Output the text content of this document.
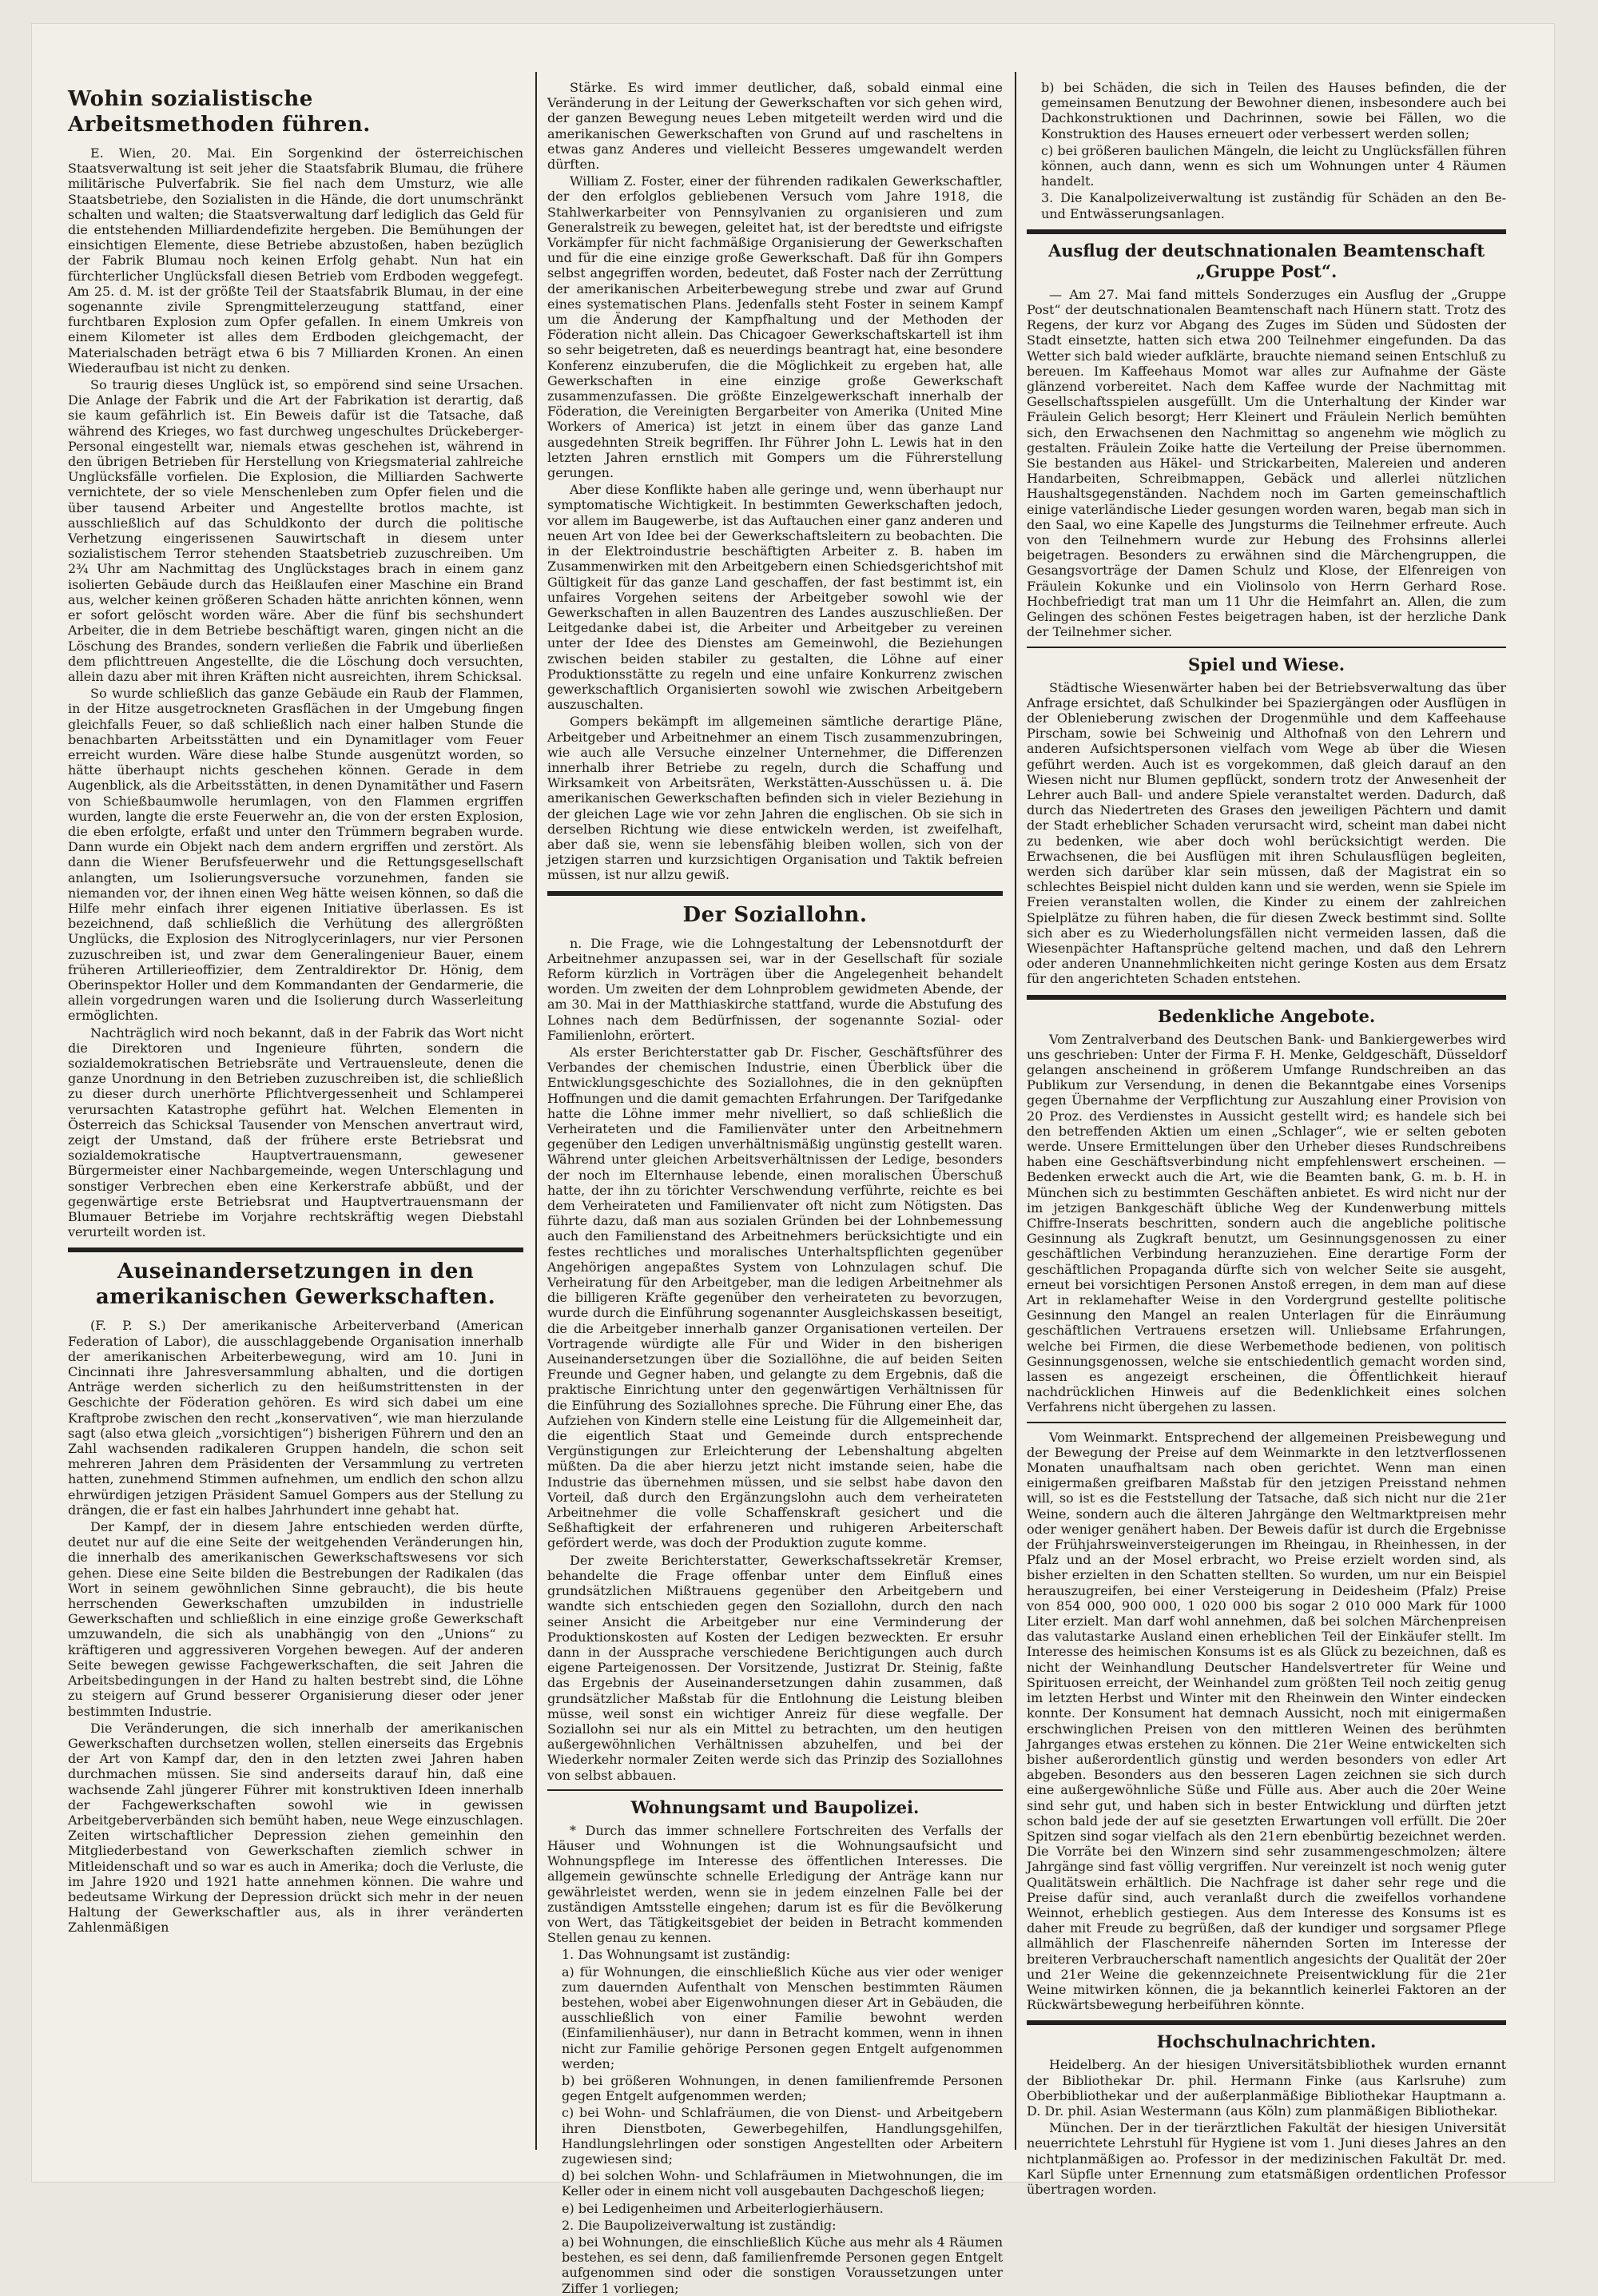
Wohin sozialistische Arbeitsmethoden führen.

E. Wien, 20. Mai. Ein Sorgenkind der österreichischen Staatsverwaltung ist seit jeher die Staatsfabrik Blumau, die frühere militärische Pulverfabrik. Sie fiel nach dem Umsturz, wie alle Staatsbetriebe, den Sozialisten in die Hände, die dort unumschränkt schalten und walten; die Staatsverwaltung darf lediglich das Geld für die entstehenden Milliardendefizite hergeben. Die Bemühungen der einsichtigen Elemente, diese Betriebe abzustoßen, haben bezüglich der Fabrik Blumau noch keinen Erfolg gehabt. Nun hat ein fürchterlicher Unglücksfall diesen Betrieb vom Erdboden weggefegt. Am 25. d. M. ist der größte Teil der Staatsfabrik Blumau, in der eine sogenannte zivile Sprengmittelerzeugung stattfand, einer furchtbaren Explosion zum Opfer gefallen. In einem Umkreis von einem Kilometer ist alles dem Erdboden gleichgemacht, der Materialschaden beträgt etwa 6 bis 7 Milliarden Kronen. An einen Wiederaufbau ist nicht zu denken.

So traurig dieses Unglück ist, so empörend sind seine Ursachen. Die Anlage der Fabrik und die Art der Fabrikation ist derartig, daß sie kaum gefährlich ist. Ein Beweis dafür ist die Tatsache, daß während des Krieges, wo fast durchweg ungeschultes Drückeberger-Personal eingestellt war, niemals etwas geschehen ist, während in den übrigen Betrieben für Herstellung von Kriegsmaterial zahlreiche Unglücksfälle vorfielen. Die Explosion, die Milliarden Sachwerte vernichtete, der so viele Menschenleben zum Opfer fielen und die über tausend Arbeiter und Angestellte brotlos machte, ist ausschließlich auf das Schuldkonto der durch die politische Verhetzung eingerissenen Sauwirtschaft in diesem unter sozialistischem Terror stehenden Staatsbetrieb zuzuschreiben. Um 2¾ Uhr am Nachmittag des Unglückstages brach in einem ganz isolierten Gebäude durch das Heißlaufen einer Maschine ein Brand aus, welcher keinen größeren Schaden hätte anrichten können, wenn er sofort gelöscht worden wäre. Aber die fünf bis sechshundert Arbeiter, die in dem Betriebe beschäftigt waren, gingen nicht an die Löschung des Brandes, sondern verließen die Fabrik und überließen dem pflichttreuen Angestellte, die die Löschung doch versuchten, allein dazu aber mit ihren Kräften nicht ausreichten, ihrem Schicksal.

So wurde schließlich das ganze Gebäude ein Raub der Flammen, in der Hitze ausgetrockneten Grasflächen in der Umgebung fingen gleichfalls Feuer, so daß schließlich nach einer halben Stunde die benachbarten Arbeitsstätten und ein Dynamitlager vom Feuer erreicht wurden. Wäre diese halbe Stunde ausgenützt worden, so hätte überhaupt nichts geschehen können. Gerade in dem Augenblick, als die Arbeitsstätten, in denen Dynamitäther und Fasern von Schießbaumwolle herumlagen, von den Flammen ergriffen wurden, langte die erste Feuerwehr an, die von der ersten Explosion, die eben erfolgte, erfaßt und unter den Trümmern begraben wurde. Dann wurde ein Objekt nach dem andern ergriffen und zerstört. Als dann die Wiener Berufsfeuerwehr und die Rettungsgesellschaft anlangten, um Isolierungsversuche vorzunehmen, fanden sie niemanden vor, der ihnen einen Weg hätte weisen können, so daß die Hilfe mehr einfach ihrer eigenen Initiative überlassen. Es ist bezeichnend, daß schließlich die Verhütung des allergrößten Unglücks, die Explosion des Nitroglycerinlagers, nur vier Personen zuzuschreiben ist, und zwar dem Generalingenieur Bauer, einem früheren Artillerieoffizier, dem Zentraldirektor Dr. Hönig, dem Oberinspektor Holler und dem Kommandanten der Gendarmerie, die allein vorgedrungen waren und die Isolierung durch Wasserleitung ermöglichten.

Nachträglich wird noch bekannt, daß in der Fabrik das Wort nicht die Direktoren und Ingenieure führten, sondern die sozialdemokratischen Betriebsräte und Vertrauensleute, denen die ganze Unordnung in den Betrieben zuzuschreiben ist, die schließlich zu dieser durch unerhörte Pflichtvergessenheit und Schlamperei verursachten Katastrophe geführt hat. Welchen Elementen in Österreich das Schicksal Tausender von Menschen anvertraut wird, zeigt der Umstand, daß der frühere erste Betriebsrat und sozialdemokratische Hauptvertrauensmann, gewesener Bürgermeister einer Nachbargemeinde, wegen Unterschlagung und sonstiger Verbrechen eben eine Kerkerstrafe abbüßt, und der gegenwärtige erste Betriebsrat und Hauptvertrauensmann der Blumauer Betriebe im Vorjahre rechtskräftig wegen Diebstahl verurteilt worden ist.

Auseinandersetzungen in den amerikanischen Gewerkschaften.

(F. P. S.) Der amerikanische Arbeiterverband (American Federation of Labor), die ausschlaggebende Organisation innerhalb der amerikanischen Arbeiterbewegung, wird am 10. Juni in Cincinnati ihre Jahresversammlung abhalten, und die dortigen Anträge werden sicherlich zu den heißumstrittensten in der Geschichte der Föderation gehören. Es wird sich dabei um eine Kraftprobe zwischen den recht „konservativen“, wie man hierzulande sagt (also etwa gleich „vorsichtigen“) bisherigen Führern und den an Zahl wachsenden radikaleren Gruppen handeln, die schon seit mehreren Jahren dem Präsidenten der Versammlung zu vertreten hatten, zunehmend Stimmen aufnehmen, um endlich den schon allzu ehrwürdigen jetzigen Präsident Samuel Gompers aus der Stellung zu drängen, die er fast ein halbes Jahrhundert inne gehabt hat.

Der Kampf, der in diesem Jahre entschieden werden dürfte, deutet nur auf die eine Seite der weitgehenden Veränderungen hin, die innerhalb des amerikanischen Gewerkschaftswesens vor sich gehen. Diese eine Seite bilden die Bestrebungen der Radikalen (das Wort in seinem gewöhnlichen Sinne gebraucht), die bis heute herrschenden Gewerkschaften umzubilden in industrielle Gewerkschaften und schließlich in eine einzige große Gewerkschaft umzuwandeln, die sich als unabhängig von den „Unions“ zu kräftigeren und aggressiveren Vorgehen bewegen. Auf der anderen Seite bewegen gewisse Fachgewerkschaften, die seit Jahren die Arbeitsbedingungen in der Hand zu halten bestrebt sind, die Löhne zu steigern auf Grund besserer Organisierung dieser oder jener bestimmten Industrie.

Die Veränderungen, die sich innerhalb der amerikanischen Gewerkschaften durchsetzen wollen, stellen einerseits das Ergebnis der Art von Kampf dar, den in den letzten zwei Jahren haben durchmachen müssen. Sie sind anderseits darauf hin, daß eine wachsende Zahl jüngerer Führer mit konstruktiven Ideen innerhalb der Fachgewerkschaften sowohl wie in gewissen Arbeitgeberverbänden sich bemüht haben, neue Wege einzuschlagen. Zeiten wirtschaftlicher Depression ziehen gemeinhin den Mitgliederbestand von Gewerkschaften ziemlich schwer in Mitleidenschaft und so war es auch in Amerika; doch die Verluste, die im Jahre 1920 und 1921 hatte annehmen können. Die wahre und bedeutsame Wirkung der Depression drückt sich mehr in der neuen Haltung der Gewerkschaftler aus, als in ihrer veränderten Zahlenmäßigen

Stärke. Es wird immer deutlicher, daß, sobald einmal eine Veränderung in der Leitung der Gewerkschaften vor sich gehen wird, der ganzen Bewegung neues Leben mitgeteilt werden wird und die amerikanischen Gewerkschaften von Grund auf und rascheltens in etwas ganz Anderes und vielleicht Besseres umgewandelt werden dürften.

William Z. Foster, einer der führenden radikalen Gewerkschaftler, der den erfolglos gebliebenen Versuch vom Jahre 1918, die Stahlwerkarbeiter von Pennsylvanien zu organisieren und zum Generalstreik zu bewegen, geleitet hat, ist der beredtste und eifrigste Vorkämpfer für nicht fachmäßige Organisierung der Gewerkschaften und für die eine einzige große Gewerkschaft. Daß für ihn Gompers selbst angegriffen worden, bedeutet, daß Foster nach der Zerrüttung der amerikanischen Arbeiterbewegung strebe und zwar auf Grund eines systematischen Plans. Jedenfalls steht Foster in seinem Kampf um die Änderung der Kampfhaltung und der Methoden der Föderation nicht allein. Das Chicagoer Gewerkschaftskartell ist ihm so sehr beigetreten, daß es neuerdings beantragt hat, eine besondere Konferenz einzuberufen, die die Möglichkeit zu ergeben hat, alle Gewerkschaften in eine einzige große Gewerkschaft zusammenzufassen. Die größte Einzelgewerkschaft innerhalb der Föderation, die Vereinigten Bergarbeiter von Amerika (United Mine Workers of America) ist jetzt in einem über das ganze Land ausgedehnten Streik begriffen. Ihr Führer John L. Lewis hat in den letzten Jahren ernstlich mit Gompers um die Führerstellung gerungen.

Aber diese Konflikte haben alle geringe und, wenn überhaupt nur symptomatische Wichtigkeit. In bestimmten Gewerkschaften jedoch, vor allem im Baugewerbe, ist das Auftauchen einer ganz anderen und neuen Art von Idee bei der Gewerkschaftsleitern zu beobachten. Die in der Elektroindustrie beschäftigten Arbeiter z. B. haben im Zusammenwirken mit den Arbeitgebern einen Schiedsgerichtshof mit Gültigkeit für das ganze Land geschaffen, der fast bestimmt ist, ein unfaires Vorgehen seitens der Arbeitgeber sowohl wie der Gewerkschaften in allen Bauzentren des Landes auszuschließen. Der Leitgedanke dabei ist, die Arbeiter und Arbeitgeber zu vereinen unter der Idee des Dienstes am Gemeinwohl, die Beziehungen zwischen beiden stabiler zu gestalten, die Löhne auf einer Produktionsstätte zu regeln und eine unfaire Konkurrenz zwischen gewerkschaftlich Organisierten sowohl wie zwischen Arbeitgebern auszuschalten.

Gompers bekämpft im allgemeinen sämtliche derartige Pläne, Arbeitgeber und Arbeitnehmer an einem Tisch zusammenzubringen, wie auch alle Versuche einzelner Unternehmer, die Differenzen innerhalb ihrer Betriebe zu regeln, durch die Schaffung und Wirksamkeit von Arbeitsräten, Werkstätten-Ausschüssen u. ä. Die amerikanischen Gewerkschaften befinden sich in vieler Beziehung in der gleichen Lage wie vor zehn Jahren die englischen. Ob sie sich in derselben Richtung wie diese entwickeln werden, ist zweifelhaft, aber daß sie, wenn sie lebensfähig bleiben wollen, sich von der jetzigen starren und kurzsichtigen Organisation und Taktik befreien müssen, ist nur allzu gewiß.

Der Soziallohn.

n. Die Frage, wie die Lohngestaltung der Lebensnotdurft der Arbeitnehmer anzupassen sei, war in der Gesellschaft für soziale Reform kürzlich in Vorträgen über die Angelegenheit behandelt worden. Um zweiten der dem Lohnproblem gewidmeten Abende, der am 30. Mai in der Matthiaskirche stattfand, wurde die Abstufung des Lohnes nach dem Bedürfnissen, der sogenannte Sozial- oder Familienlohn, erörtert.

Als erster Berichterstatter gab Dr. Fischer, Geschäftsführer des Verbandes der chemischen Industrie, einen Überblick über die Entwicklungsgeschichte des Soziallohnes, die in den geknüpften Hoffnungen und die damit gemachten Erfahrungen. Der Tarifgedanke hatte die Löhne immer mehr nivelliert, so daß schließlich die Verheirateten und die Familienväter unter den Arbeitnehmern gegenüber den Ledigen unverhältnismäßig ungünstig gestellt waren. Während unter gleichen Arbeitsverhältnissen der Ledige, besonders der noch im Elternhause lebende, einen moralischen Überschuß hatte, der ihn zu törichter Verschwendung verführte, reichte es bei dem Verheirateten und Familienvater oft nicht zum Nötigsten. Das führte dazu, daß man aus sozialen Gründen bei der Lohnbemessung auch den Familienstand des Arbeitnehmers berücksichtigte und ein festes rechtliches und moralisches Unterhaltspflichten gegenüber Angehörigen angepaßtes System von Lohnzulagen schuf. Die Verheiratung für den Arbeitgeber, man die ledigen Arbeitnehmer als die billigeren Kräfte gegenüber den verheirateten zu bevorzugen, wurde durch die Einführung sogenannter Ausgleichskassen beseitigt, die die Arbeitgeber innerhalb ganzer Organisationen verteilen. Der Vortragende würdigte alle Für und Wider in den bisherigen Auseinandersetzungen über die Soziallöhne, die auf beiden Seiten Freunde und Gegner haben, und gelangte zu dem Ergebnis, daß die praktische Einrichtung unter den gegenwärtigen Verhältnissen für die Einführung des Soziallohnes spreche. Die Führung einer Ehe, das Aufziehen von Kindern stelle eine Leistung für die Allgemeinheit dar, die eigentlich Staat und Gemeinde durch entsprechende Vergünstigungen zur Erleichterung der Lebenshaltung abgelten müßten. Da die aber hierzu jetzt nicht imstande seien, habe die Industrie das übernehmen müssen, und sie selbst habe davon den Vorteil, daß durch den Ergänzungslohn auch dem verheirateten Arbeitnehmer die volle Schaffenskraft gesichert und die Seßhaftigkeit der erfahreneren und ruhigeren Arbeiterschaft gefördert werde, was doch der Produktion zugute komme.

Der zweite Berichterstatter, Gewerkschaftssekretär Kremser, behandelte die Frage offenbar unter dem Einfluß eines grundsätzlichen Mißtrauens gegenüber den Arbeitgebern und wandte sich entschieden gegen den Soziallohn, durch den nach seiner Ansicht die Arbeitgeber nur eine Verminderung der Produktionskosten auf Kosten der Ledigen bezweckten. Er ersuhr dann in der Aussprache verschiedene Berichtigungen auch durch eigene Parteigenossen. Der Vorsitzende, Justizrat Dr. Steinig, faßte das Ergebnis der Auseinandersetzungen dahin zusammen, daß grundsätzlicher Maßstab für die Entlohnung die Leistung bleiben müsse, weil sonst ein wichtiger Anreiz für diese wegfalle. Der Soziallohn sei nur als ein Mittel zu betrachten, um den heutigen außergewöhnlichen Verhältnissen abzuhelfen, und bei der Wiederkehr normaler Zeiten werde sich das Prinzip des Soziallohnes von selbst abbauen.

Wohnungsamt und Baupolizei.

* Durch das immer schnellere Fortschreiten des Verfalls der Häuser und Wohnungen ist die Wohnungsaufsicht und Wohnungspflege im Interesse des öffentlichen Interesses. Die allgemein gewünschte schnelle Erledigung der Anträge kann nur gewährleistet werden, wenn sie in jedem einzelnen Falle bei der zuständigen Amtsstelle eingehen; darum ist es für die Bevölkerung von Wert, das Tätigkeitsgebiet der beiden in Betracht kommenden Stellen genau zu kennen.

1. Das Wohnungsamt ist zuständig:

a) für Wohnungen, die einschließlich Küche aus vier oder weniger zum dauernden Aufenthalt von Menschen bestimmten Räumen bestehen, wobei aber Eigenwohnungen dieser Art in Gebäuden, die ausschließlich von einer Familie bewohnt werden (Einfamilienhäuser), nur dann in Betracht kommen, wenn in ihnen nicht zur Familie gehörige Personen gegen Entgelt aufgenommen werden;

b) bei größeren Wohnungen, in denen familienfremde Personen gegen Entgelt aufgenommen werden;

c) bei Wohn- und Schlafräumen, die von Dienst- und Arbeitgebern ihren Dienstboten, Gewerbegehilfen, Handlungsgehilfen, Handlungslehrlingen oder sonstigen Angestellten oder Arbeitern zugewiesen sind;

d) bei solchen Wohn- und Schlafräumen in Mietwohnungen, die im Keller oder in einem nicht voll ausgebauten Dachgeschoß liegen;

e) bei Ledigenheimen und Arbeiterlogierhäusern.

2. Die Baupolizeiverwaltung ist zuständig:

a) bei Wohnungen, die einschließlich Küche aus mehr als 4 Räumen bestehen, es sei denn, daß familienfremde Personen gegen Entgelt aufgenommen sind oder die sonstigen Voraussetzungen unter Ziffer 1 vorliegen;

b) bei Schäden, die sich in Teilen des Hauses befinden, die der gemeinsamen Benutzung der Bewohner dienen, insbesondere auch bei Dachkonstruktionen und Dachrinnen, sowie bei Fällen, wo die Konstruktion des Hauses erneuert oder verbessert werden sollen;

c) bei größeren baulichen Mängeln, die leicht zu Unglücksfällen führen können, auch dann, wenn es sich um Wohnungen unter 4 Räumen handelt.

3. Die Kanalpolizeiverwaltung ist zuständig für Schäden an den Be- und Entwässerungsanlagen.

Ausflug der deutschnationalen Beamtenschaft „Gruppe Post“.

— Am 27. Mai fand mittels Sonderzuges ein Ausflug der „Gruppe Post“ der deutschnationalen Beamtenschaft nach Hünern statt. Trotz des Regens, der kurz vor Abgang des Zuges im Süden und Südosten der Stadt einsetzte, hatten sich etwa 200 Teilnehmer eingefunden. Da das Wetter sich bald wieder aufklärte, brauchte niemand seinen Entschluß zu bereuen. Im Kaffeehaus Momot war alles zur Aufnahme der Gäste glänzend vorbereitet. Nach dem Kaffee wurde der Nachmittag mit Gesellschaftsspielen ausgefüllt. Um die Unterhaltung der Kinder war Fräulein Gelich besorgt; Herr Kleinert und Fräulein Nerlich bemühten sich, den Erwachsenen den Nachmittag so angenehm wie möglich zu gestalten. Fräulein Zoike hatte die Verteilung der Preise übernommen. Sie bestanden aus Häkel- und Strickarbeiten, Malereien und anderen Handarbeiten, Schreibmappen, Gebäck und allerlei nützlichen Haushaltsgegenständen. Nachdem noch im Garten gemeinschaftlich einige vaterländische Lieder gesungen worden waren, begab man sich in den Saal, wo eine Kapelle des Jungsturms die Teilnehmer erfreute. Auch von den Teilnehmern wurde zur Hebung des Frohsinns allerlei beigetragen. Besonders zu erwähnen sind die Märchengruppen, die Gesangsvorträge der Damen Schulz und Klose, der Elfenreigen von Fräulein Kokunke und ein Violinsolo von Herrn Gerhard Rose. Hochbefriedigt trat man um 11 Uhr die Heimfahrt an. Allen, die zum Gelingen des schönen Festes beigetragen haben, ist der herzliche Dank der Teilnehmer sicher.

Spiel und Wiese.

Städtische Wiesenwärter haben bei der Betriebsverwaltung das über Anfrage ersichtet, daß Schulkinder bei Spaziergängen oder Ausflügen in der Oblenieberung zwischen der Drogenmühle und dem Kaffeehause Pirscham, sowie bei Schweinig und Althofnaß von den Lehrern und anderen Aufsichtspersonen vielfach vom Wege ab über die Wiesen geführt werden. Auch ist es vorgekommen, daß gleich darauf an den Wiesen nicht nur Blumen gepflückt, sondern trotz der Anwesenheit der Lehrer auch Ball- und andere Spiele veranstaltet werden. Dadurch, daß durch das Niedertreten des Grases den jeweiligen Pächtern und damit der Stadt erheblicher Schaden verursacht wird, scheint man dabei nicht zu bedenken, wie aber doch wohl berücksichtigt werden. Die Erwachsenen, die bei Ausflügen mit ihren Schulausflügen begleiten, werden sich darüber klar sein müssen, daß der Magistrat ein so schlechtes Beispiel nicht dulden kann und sie werden, wenn sie Spiele im Freien veranstalten wollen, die Kinder zu einem der zahlreichen Spielplätze zu führen haben, die für diesen Zweck bestimmt sind. Sollte sich aber es zu Wiederholungsfällen nicht vermeiden lassen, daß die Wiesenpächter Haftansprüche geltend machen, und daß den Lehrern oder anderen Unannehmlichkeiten nicht geringe Kosten aus dem Ersatz für den angerichteten Schaden entstehen.

Bedenkliche Angebote.

Vom Zentralverband des Deutschen Bank- und Bankiergewerbes wird uns geschrieben: Unter der Firma F. H. Menke, Geldgeschäft, Düsseldorf gelangen anscheinend in größerem Umfange Rundschreiben an das Publikum zur Versendung, in denen die Bekanntgabe eines Vorsenips gegen Übernahme der Verpflichtung zur Auszahlung einer Provision von 20 Proz. des Verdienstes in Aussicht gestellt wird; es handele sich bei den betreffenden Aktien um einen „Schlager“, wie er selten geboten werde. Unsere Ermittelungen über den Urheber dieses Rundschreibens haben eine Geschäftsverbindung nicht empfehlenswert erscheinen. — Bedenken erweckt auch die Art, wie die Beamten bank, G. m. b. H. in München sich zu bestimmten Geschäften anbietet. Es wird nicht nur der im jetzigen Bankgeschäft übliche Weg der Kundenwerbung mittels Chiffre-Inserats beschritten, sondern auch die angebliche politische Gesinnung als Zugkraft benutzt, um Gesinnungsgenossen zu einer geschäftlichen Verbindung heranzuziehen. Eine derartige Form der geschäftlichen Propaganda dürfte sich von welcher Seite sie ausgeht, erneut bei vorsichtigen Personen Anstoß erregen, in dem man auf diese Art in reklamehafter Weise in den Vordergrund gestellte politische Gesinnung den Mangel an realen Unterlagen für die Einräumung geschäftlichen Vertrauens ersetzen will. Unliebsame Erfahrungen, welche bei Firmen, die diese Werbemethode bedienen, von politisch Gesinnungsgenossen, welche sie entschiedentlich gemacht worden sind, lassen es angezeigt erscheinen, die Öffentlichkeit hierauf nachdrücklichen Hinweis auf die Bedenklichkeit eines solchen Verfahrens nicht übergehen zu lassen.

Vom Weinmarkt. Entsprechend der allgemeinen Preisbewegung und der Bewegung der Preise auf dem Weinmarkte in den letztverflossenen Monaten unaufhaltsam nach oben gerichtet. Wenn man einen einigermaßen greifbaren Maßstab für den jetzigen Preisstand nehmen will, so ist es die Feststellung der Tatsache, daß sich nicht nur die 21er Weine, sondern auch die älteren Jahrgänge den Weltmarktpreisen mehr oder weniger genähert haben. Der Beweis dafür ist durch die Ergebnisse der Frühjahrsweinversteigerungen im Rheingau, in Rheinhessen, in der Pfalz und an der Mosel erbracht, wo Preise erzielt worden sind, als bisher erzielten in den Schatten stellten. So wurden, um nur ein Beispiel herauszugreifen, bei einer Versteigerung in Deidesheim (Pfalz) Preise von 854 000, 900 000, 1 020 000 bis sogar 2 010 000 Mark für 1000 Liter erzielt. Man darf wohl annehmen, daß bei solchen Märchenpreisen das valutastarke Ausland einen erheblichen Teil der Einkäufer stellt. Im Interesse des heimischen Konsums ist es als Glück zu bezeichnen, daß es nicht der Weinhandlung Deutscher Handelsvertreter für Weine und Spirituosen erreicht, der Weinhandel zum größten Teil noch zeitig genug im letzten Herbst und Winter mit den Rheinwein den Winter eindecken konnte. Der Konsument hat demnach Aussicht, noch mit einigermaßen erschwinglichen Preisen von den mittleren Weinen des berühmten Jahrganges etwas erstehen zu können. Die 21er Weine entwickelten sich bisher außerordentlich günstig und werden besonders von edler Art abgeben. Besonders aus den besseren Lagen zeichnen sie sich durch eine außergewöhnliche Süße und Fülle aus. Aber auch die 20er Weine sind sehr gut, und haben sich in bester Entwicklung und dürften jetzt schon bald jede der auf sie gesetzten Erwartungen voll erfüllt. Die 20er Spitzen sind sogar vielfach als den 21ern ebenbürtig bezeichnet werden. Die Vorräte bei den Winzern sind sehr zusammengeschmolzen; ältere Jahrgänge sind fast völlig vergriffen. Nur vereinzelt ist noch wenig guter Qualitätswein erhältlich. Die Nachfrage ist daher sehr rege und die Preise dafür sind, auch veranlaßt durch die zweifellos vorhandene Weinnot, erheblich gestiegen. Aus dem Interesse des Konsums ist es daher mit Freude zu begrüßen, daß der kundiger und sorgsamer Pflege allmählich der Flaschenreife nähernden Sorten im Interesse der breiteren Verbraucherschaft namentlich angesichts der Qualität der 20er und 21er Weine die gekennzeichnete Preisentwicklung für die 21er Weine mitwirken können, die ja bekanntlich keinerlei Faktoren an der Rückwärtsbewegung herbeiführen könnte.

Hochschulnachrichten.

Heidelberg. An der hiesigen Universitätsbibliothek wurden ernannt der Bibliothekar Dr. phil. Hermann Finke (aus Karlsruhe) zum Oberbibliothekar und der außerplanmäßige Bibliothekar Hauptmann a. D. Dr. phil. Asian Westermann (aus Köln) zum planmäßigen Bibliothekar.

München. Der in der tierärztlichen Fakultät der hiesigen Universität neuerrichtete Lehrstuhl für Hygiene ist vom 1. Juni dieses Jahres an den nichtplanmäßigen ao. Professor in der medizinischen Fakultät Dr. med. Karl Süpfle unter Ernennung zum etatsmäßigen ordentlichen Professor übertragen worden.
